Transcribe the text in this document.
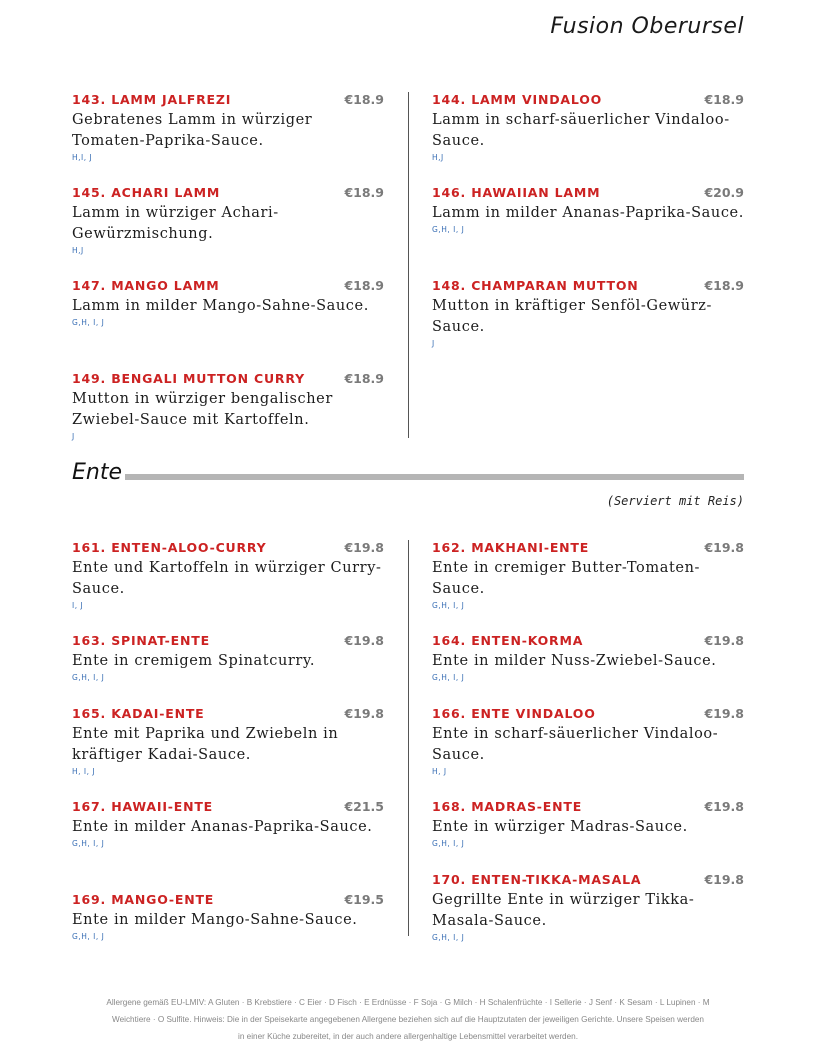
Fusion Oberursel
143. LAMM JALFREZI	€18.9
Gebratenes Lamm in würziger Tomaten-Paprika-Sauce.
H,I, J
144. LAMM VINDALOO	€18.9
Lamm in scharf-säuerlicher Vindaloo-Sauce.
H,J
145. ACHARI LAMM	€18.9
Lamm in würziger Achari-Gewürzmischung.
H,J
146. HAWAIIAN LAMM	€20.9
Lamm in milder Ananas-Paprika-Sauce.
G,H, I, J
147. MANGO LAMM	€18.9
Lamm in milder Mango-Sahne-Sauce.
G,H, I, J
148. CHAMPARAN MUTTON	€18.9
Mutton in kräftiger Senföl-Gewürz-Sauce.
J
149. BENGALI MUTTON CURRY	€18.9
Mutton in würziger bengalischer Zwiebel-Sauce mit Kartoffeln.
J
Ente
(Serviert mit Reis)
161. ENTEN-ALOO-CURRY	€19.8
Ente und Kartoffeln in würziger Curry-Sauce.
I, J
162. MAKHANI-ENTE	€19.8
Ente in cremiger Butter-Tomaten-Sauce.
G,H, I, J
163. SPINAT-ENTE	€19.8
Ente in cremigem Spinatcurry.
G,H, I, J
164. ENTEN-KORMA	€19.8
Ente in milder Nuss-Zwiebel-Sauce.
G,H, I, J
165. KADAI-ENTE	€19.8
Ente mit Paprika und Zwiebeln in kräftiger Kadai-Sauce.
H, I, J
166. ENTE VINDALOO	€19.8
Ente in scharf-säuerlicher Vindaloo-Sauce.
H, J
167. HAWAII-ENTE	€21.5
Ente in milder Ananas-Paprika-Sauce.
G,H, I, J
168. MADRAS-ENTE	€19.8
Ente in würziger Madras-Sauce.
G,H, I, J
169. MANGO-ENTE	€19.5
Ente in milder Mango-Sahne-Sauce.
G,H, I, J
170. ENTEN-TIKKA-MASALA	€19.8
Gegrillte Ente in würziger Tikka-Masala-Sauce.
G,H, I, J
Allergene gemäß EU-LMIV: A Gluten · B Krebstiere · C Eier · D Fisch · E Erdnüsse · F Soja · G Milch · H Schalenfrüchte · I Sellerie · J Senf · K Sesam · L Lupinen · M
Weichtiere · O Sulfite. Hinweis: Die in der Speisekarte angegebenen Allergene beziehen sich auf die Hauptzutaten der jeweiligen Gerichte. Unsere Speisen werden
in einer Küche zubereitet, in der auch andere allergenhaltige Lebensmittel verarbeitet werden.
